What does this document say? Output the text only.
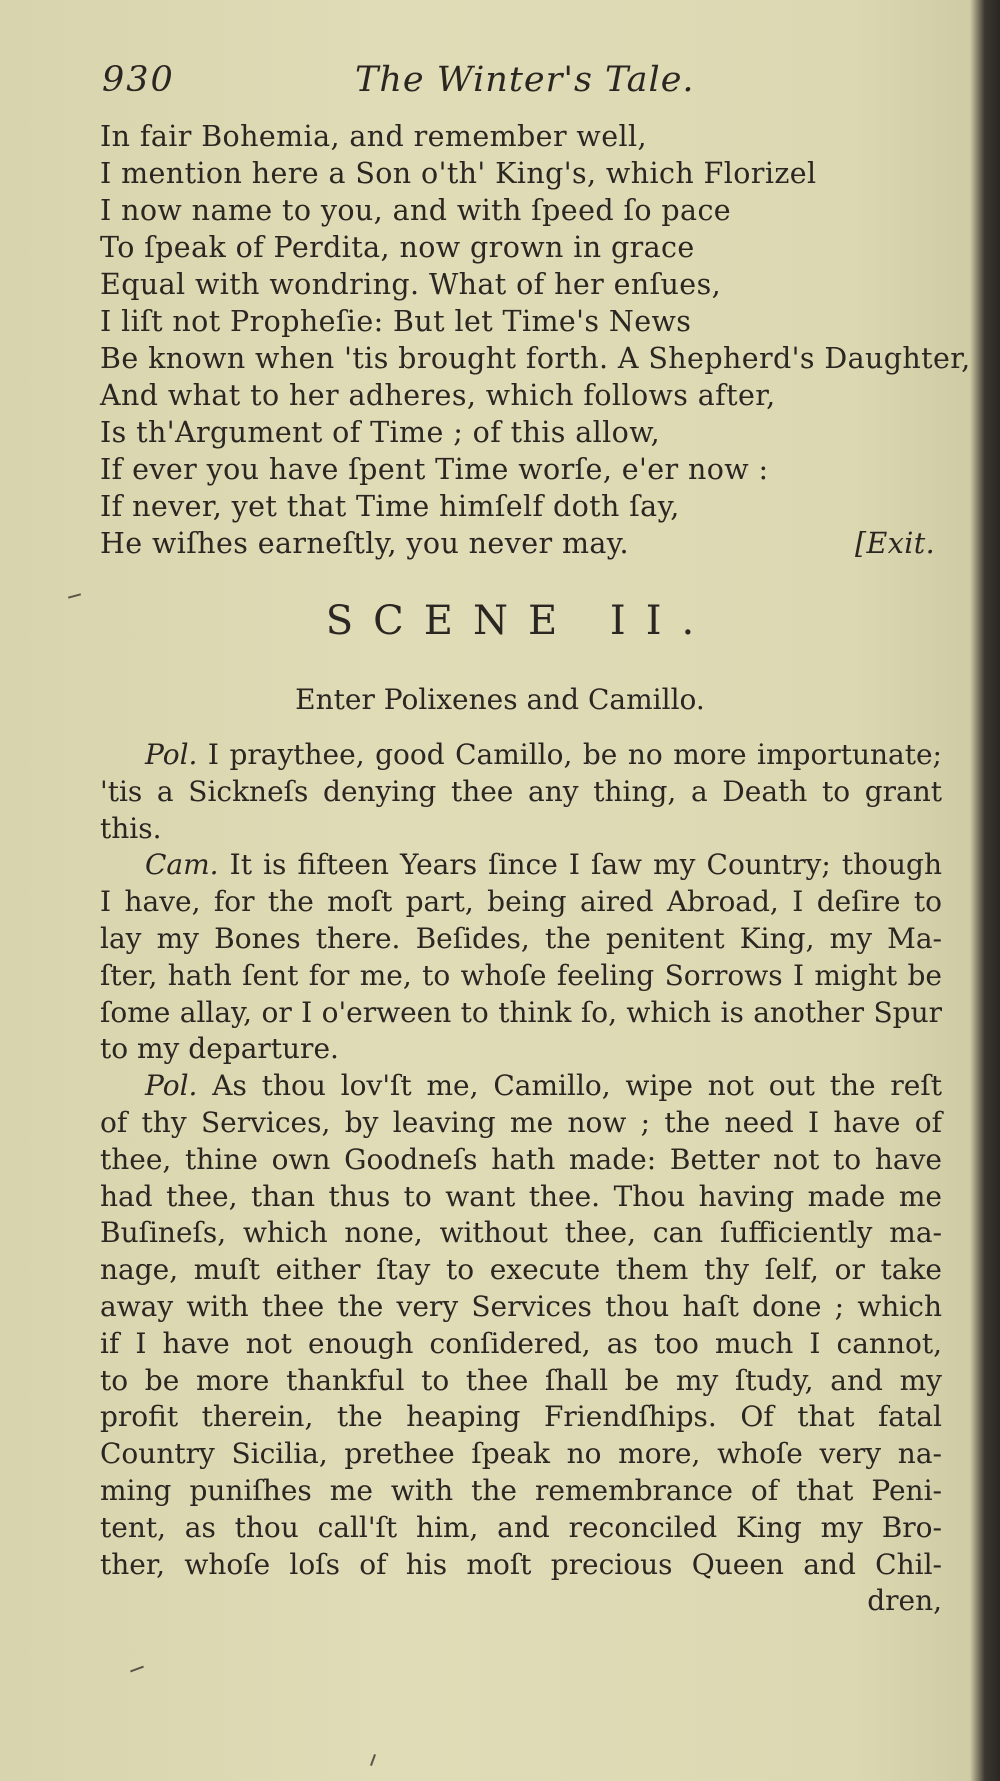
930	The Winter's Tale.
In fair Bohemia, and remember well,
I mention here a Son o'th' King's, which Florizel
I now name to you, and with ſpeed ſo pace
To ſpeak of Perdita, now grown in grace
Equal with wondring. What of her enſues,
I liſt not Propheſie: But let Time's News
Be known when 'tis brought forth. A Shepherd's Daughter,
And what to her adheres, which follows after,
Is th'Argument of Time ; of this allow,
If ever you have ſpent Time worſe, e'er now :
If never, yet that Time himſelf doth ſay,
He wiſhes earneſtly, you never may.	[Exit.
SCENE II.
Enter Polixenes and Camillo.
Pol. I praythee, good Camillo, be no more importunate;
'tis a Sickneſs denying thee any thing, a Death to grant
this.
Cam. It is fifteen Years ſince I ſaw my Country; though
I have, for the moſt part, being aired Abroad, I deſire to
lay my Bones there. Beſides, the penitent King, my Ma-
ſter, hath ſent for me, to whoſe feeling Sorrows I might be
ſome allay, or I o'erween to think ſo, which is another Spur
to my departure.
Pol. As thou lov'ſt me, Camillo, wipe not out the reſt
of thy Services, by leaving me now ; the need I have of
thee, thine own Goodneſs hath made: Better not to have
had thee, than thus to want thee. Thou having made me
Buſineſs, which none, without thee, can ſufficiently ma-
nage, muſt either ſtay to execute them thy ſelf, or take
away with thee the very Services thou haſt done ; which
if I have not enough conſidered, as too much I cannot,
to be more thankful to thee ſhall be my ſtudy, and my
profit therein, the heaping Friendſhips. Of that fatal
Country Sicilia, prethee ſpeak no more, whoſe very na-
ming puniſhes me with the remembrance of that Peni-
tent, as thou call'ſt him, and reconciled King my Bro-
ther, whoſe loſs of his moſt precious Queen and Chil-
dren,
